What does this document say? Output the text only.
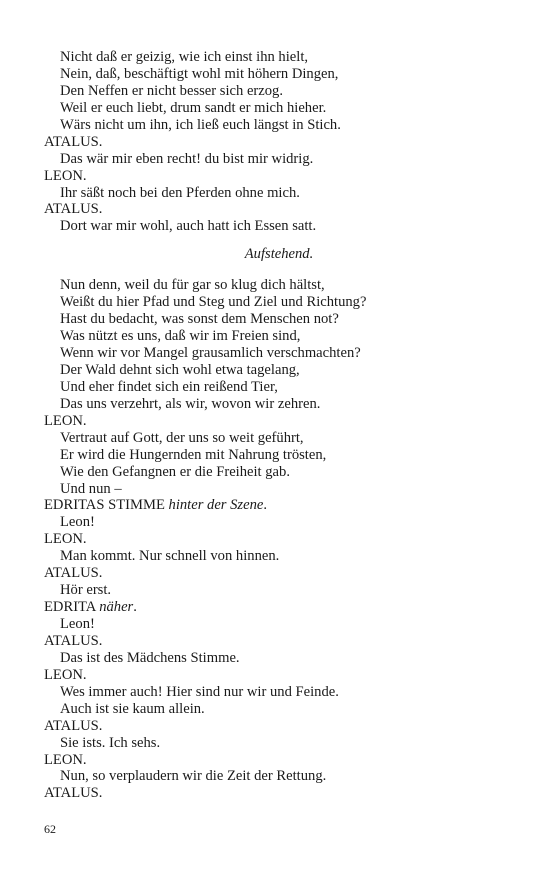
Nicht daß er geizig, wie ich einst ihn hielt,
Nein, daß, beschäftigt wohl mit höhern Dingen,
Den Neffen er nicht besser sich erzog.
Weil er euch liebt, drum sandt er mich hieher.
Wärs nicht um ihn, ich ließ euch längst in Stich.
ATALUS.
Das wär mir eben recht! du bist mir widrig.
LEON.
Ihr säßt noch bei den Pferden ohne mich.
ATALUS.
Dort war mir wohl, auch hatt ich Essen satt.
Aufstehend.
Nun denn, weil du für gar so klug dich hältst,
Weißt du hier Pfad und Steg und Ziel und Richtung?
Hast du bedacht, was sonst dem Menschen not?
Was nützt es uns, daß wir im Freien sind,
Wenn wir vor Mangel grausamlich verschmachten?
Der Wald dehnt sich wohl etwa tagelang,
Und eher findet sich ein reißend Tier,
Das uns verzehrt, als wir, wovon wir zehren.
LEON.
Vertraut auf Gott, der uns so weit geführt,
Er wird die Hungernden mit Nahrung trösten,
Wie den Gefangnen er die Freiheit gab.
Und nun –
EDRITAS STIMME hinter der Szene.
Leon!
LEON.
Man kommt. Nur schnell von hinnen.
ATALUS.
Hör erst.
EDRITA näher.
Leon!
ATALUS.
Das ist des Mädchens Stimme.
LEON.
Wes immer auch! Hier sind nur wir und Feinde.
Auch ist sie kaum allein.
ATALUS.
Sie ists. Ich sehs.
LEON.
Nun, so verplaudern wir die Zeit der Rettung.
ATALUS.
62
